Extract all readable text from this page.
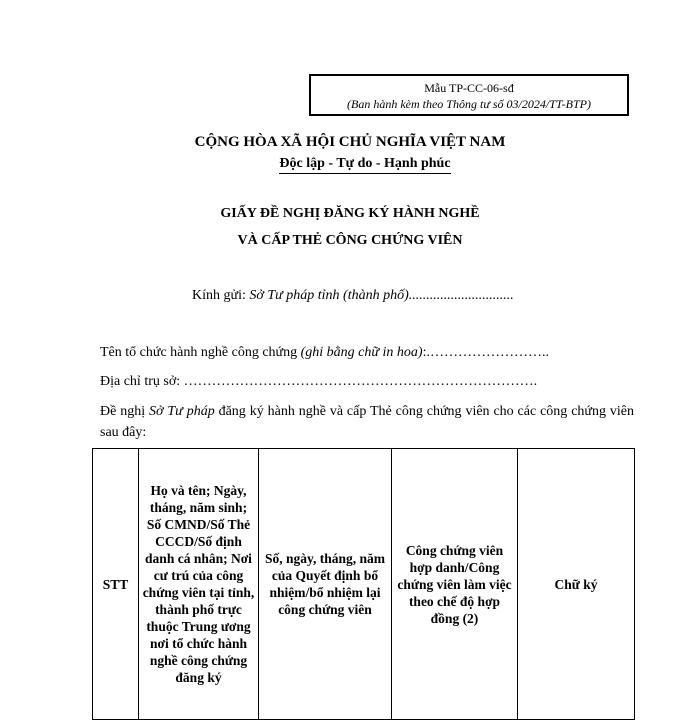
Mẫu TP-CC-06-sđ
(Ban hành kèm theo Thông tư số 03/2024/TT-BTP)
CỘNG HÒA XÃ HỘI CHỦ NGHĨA VIỆT NAM
Độc lập - Tự do - Hạnh phúc
GIẤY ĐỀ NGHỊ ĐĂNG KÝ HÀNH NGHỀ
VÀ CẤP THẺ CÔNG CHỨNG VIÊN
Kính gửi: Sở Tư pháp tỉnh (thành phố)..............................
Tên tổ chức hành nghề công chứng (ghi bằng chữ in hoa):.……………………..
Địa chỉ trụ sở: ………………………………………………………………….
Đề nghị Sở Tư pháp đăng ký hành nghề và cấp Thẻ công chứng viên cho các công chứng viên sau đây:
STT	Họ và tên; Ngày, tháng, năm sinh; Số CMND/Số Thẻ CCCD/Số định danh cá nhân; Nơi cư trú của công chứng viên tại tỉnh, thành phố trực thuộc Trung ương nơi tổ chức hành nghề công chứng đăng ký	Số, ngày, tháng, năm của Quyết định bổ nhiệm/bổ nhiệm lại công chứng viên	Công chứng viên hợp danh/Công chứng viên làm việc theo chế độ hợp đồng (2)	Chữ ký
